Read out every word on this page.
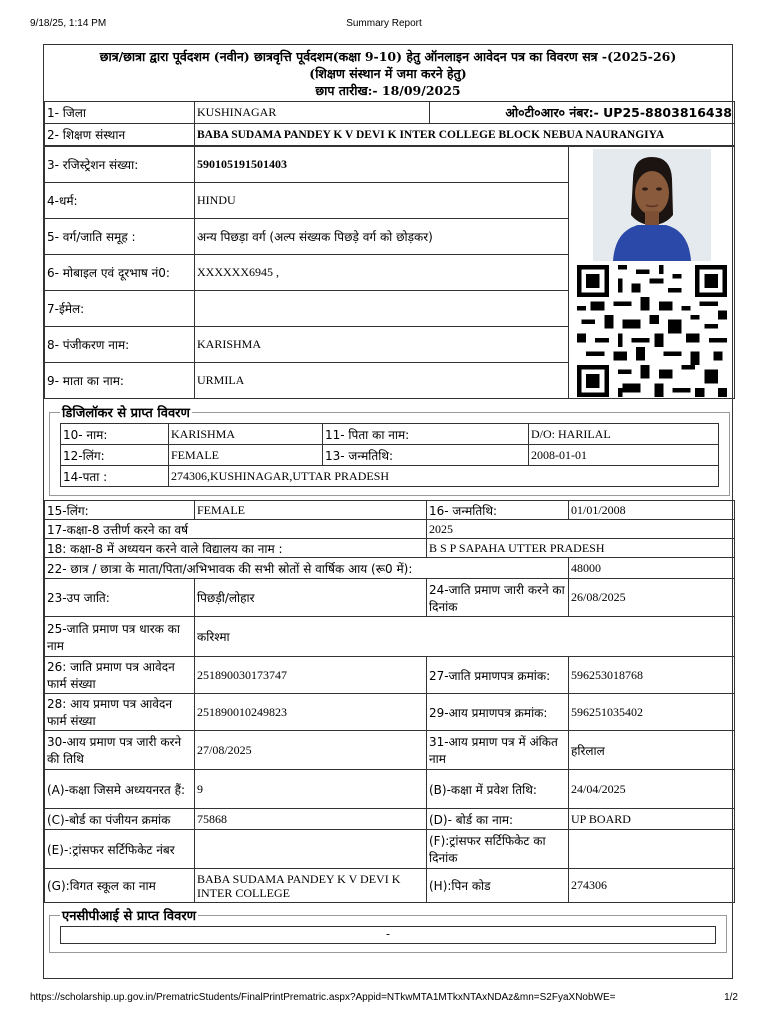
9/18/25, 1:14 PM	Summary Report
छात्र/छात्रा द्वारा पूर्वदशम (नवीन) छात्रवृत्ति पूर्वदशम(कक्षा 9-10) हेतु ऑनलाइन आवेदन पत्र का विवरण सत्र -(2025-26)
(शिक्षण संस्थान में जमा करने हेतु)
छाप तारीख:- 18/09/2025
1- जिला	KUSHINAGAR	ओ०टी०आर० नंबर:- UP25-8803816438
2- शिक्षण संस्थान	BABA SUDAMA PANDEY K V DEVI K INTER COLLEGE BLOCK NEBUA NAURANGIYA	
3- रजिस्ट्रेशन संख्या:	590105191501403	

4-धर्म:	HINDU	
5- वर्ग/जाति समूह :	अन्य पिछड़ा वर्ग (अल्प संख्यक पिछड़े वर्ग को छोड़कर)	
6- मोबाइल एवं दूरभाष नं0:	XXXXXX6945 ,	
7-ईमेल:		
8- पंजीकरण नाम:	KARISHMA	
9- माता का नाम:	URMILA	
डिजिलॉकर से प्राप्त विवरण
10- नाम:	KARISHMA	11- पिता का नाम:	D/O: HARILAL
12-लिंग:	FEMALE	13- जन्मतिथि:	2008-01-01
14-पता :	274306,KUSHINAGAR,UTTAR PRADESH		
15-लिंग:	FEMALE	16- जन्मतिथि:	01/01/2008
17-कक्षा-8 उत्तीर्ण करने का वर्ष		2025	
18: कक्षा-8 में अध्ययन करने वाले विद्यालय का नाम :		B S P SAPAHA UTTER PRADESH	
22- छात्र / छात्रा के माता/पिता/अभिभावक की सभी स्रोतों से वार्षिक आय (रू0 में):			48000
23-उप जाति:	पिछड़ी/लोहार	24-जाति प्रमाण जारी करने का दिनांक	26/08/2025
25-जाति प्रमाण पत्र धारक का नाम	करिश्मा		
26: जाति प्रमाण पत्र आवेदन फार्म संख्या	251890030173747	27-जाति प्रमाणपत्र क्रमांक:	596253018768
28: आय प्रमाण पत्र आवेदन फार्म संख्या	251890010249823	29-आय प्रमाणपत्र क्रमांक:	596251035402
30-आय प्रमाण पत्र जारी करने की तिथि	27/08/2025	31-आय प्रमाण पत्र में अंकित नाम	हरिलाल
(A)-कक्षा जिसमे अध्ययनरत हैं:	9	(B)-कक्षा में प्रवेश तिथि:	24/04/2025
(C)-बोर्ड का पंजीयन क्रमांक	75868	(D)- बोर्ड का नाम:	UP BOARD
(E)-:ट्रांसफर सर्टिफिकेट नंबर		(F):ट्रांसफर सर्टिफिकेट का दिनांक	
(G):विगत स्कूल का नाम	BABA SUDAMA PANDEY K V DEVI K INTER COLLEGE	(H):पिन कोड	274306
एनसीपीआई से प्राप्त विवरण
-
https://scholarship.up.gov.in/PrematricStudents/FinalPrintPrematric.aspx?Appid=NTkwMTA1MTkxNTAxNDAz&mn=S2FyaXNobWE=	1/2
